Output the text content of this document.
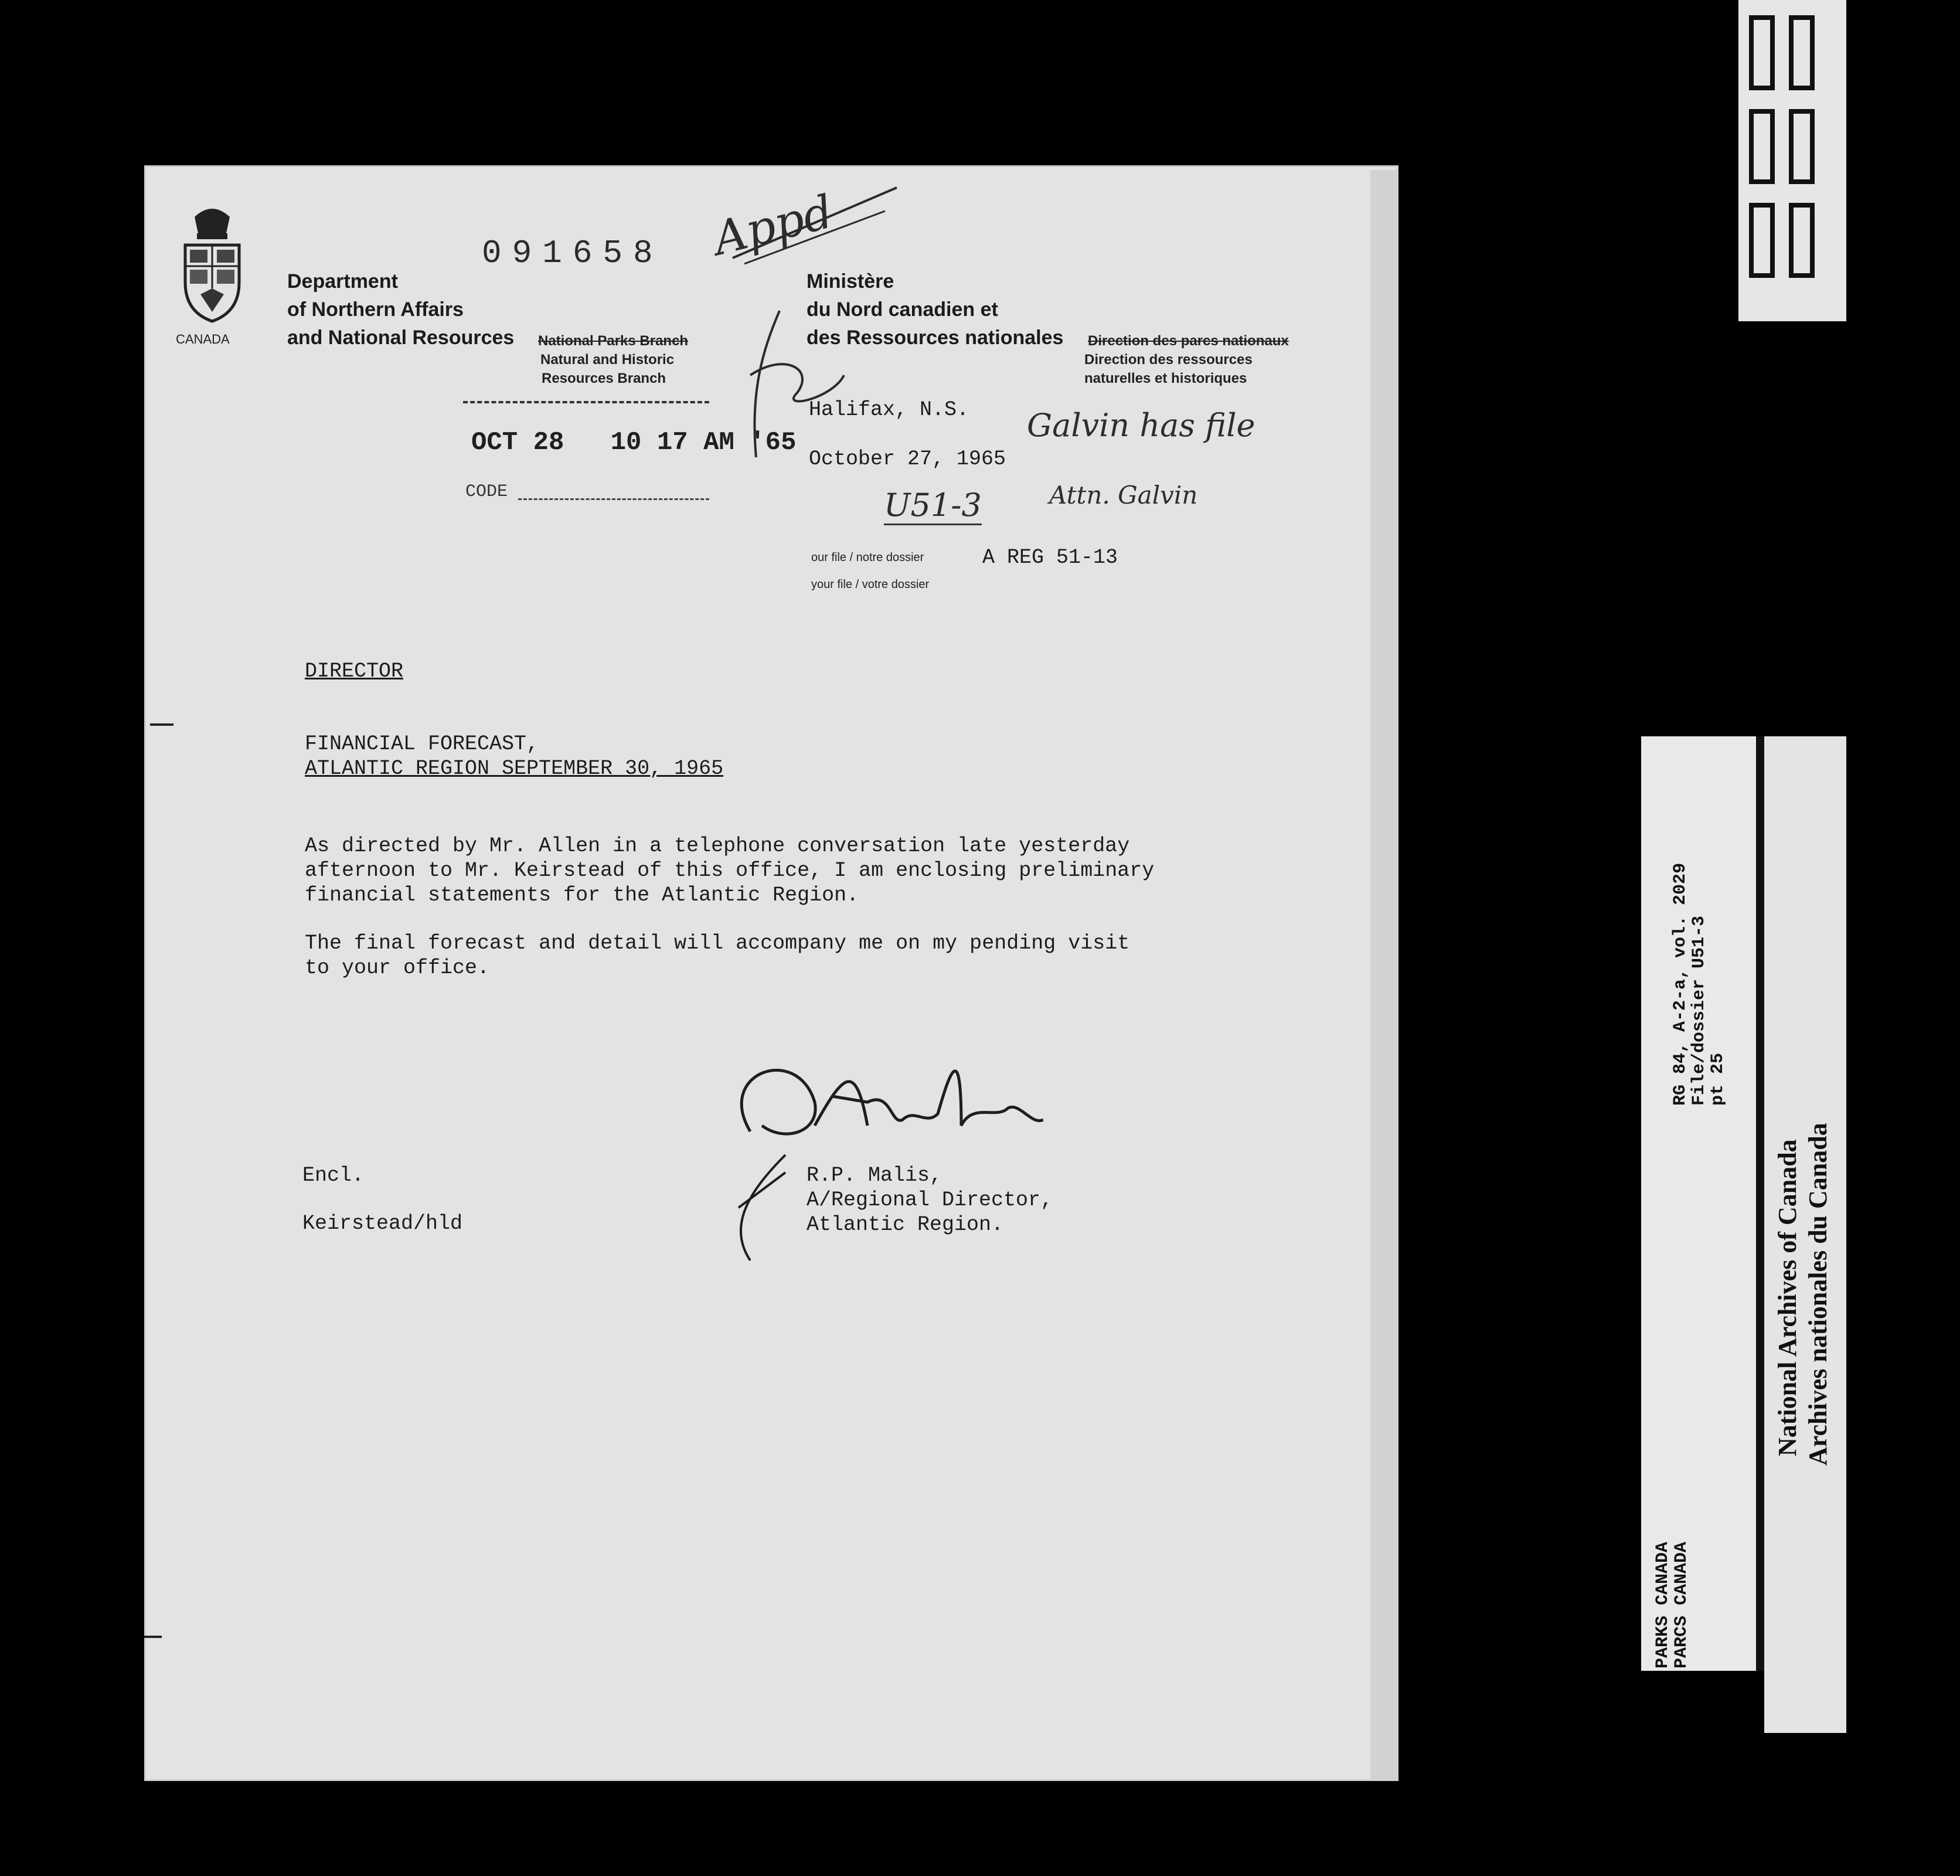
CANADA
Department
of Northern Affairs
and National Resources National Parks Branch
Natural and Historic
Resources Branch
Ministère
du Nord canadien et
des Ressources nationales Direction des parcs nationaux
Direction des ressources
naturelles et historiques
091658
OCT 28   10 17 AM '65
CODE
Appd
Galvin has file
U51-3	Attn. Galvin
Halifax, N.S.
October 27, 1965
our file / notre dossier	A REG 51-13
your file / votre dossier
DIRECTOR
FINANCIAL FORECAST,
ATLANTIC REGION SEPTEMBER 30, 1965
As directed by Mr. Allen in a telephone conversation late yesterday
afternoon to Mr. Keirstead of this office, I am enclosing preliminary
financial statements for the Atlantic Region.
The final forecast and detail will accompany me on my pending visit
to your office.
R.P. Malis,
A/Regional Director,
Atlantic Region.
Encl.
Keirstead/hld
PARKS CANADA
PARCS CANADA
RG 84, A-2-a, vol. 2029
File/dossier U51-3
pt 25
National Archives of Canada Archives nationales du Canada
